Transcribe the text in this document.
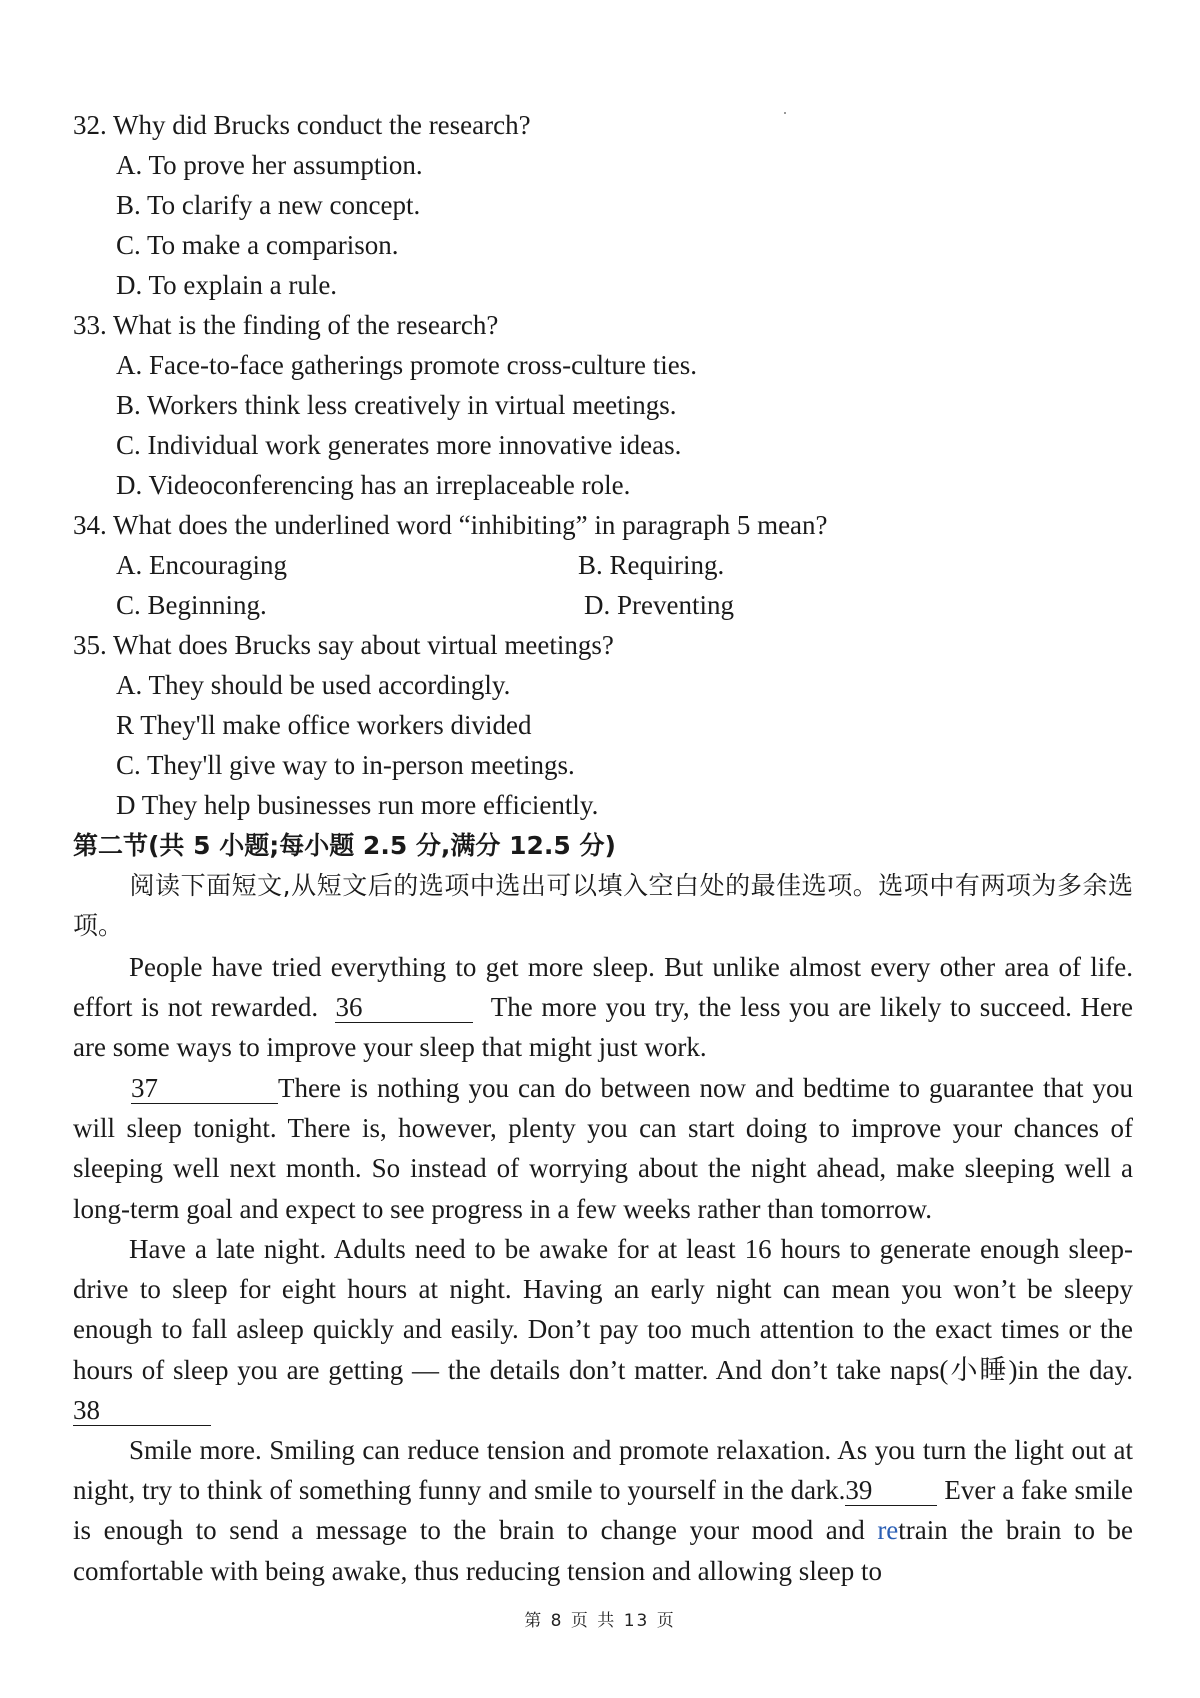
32. Why did Brucks conduct the research?
A. To prove her assumption.
B. To clarify a new concept.
C. To make a comparison.
D. To explain a rule.
33. What is the finding of the research?
A. Face-to-face gatherings promote cross-culture ties.
B. Workers think less creatively in virtual meetings.
C. Individual work generates more innovative ideas.
D. Videoconferencing has an irreplaceable role.
34. What does the underlined word “inhibiting” in paragraph 5 mean?
A. Encouraging	B. Requiring.
C. Beginning.	D. Preventing
35. What does Brucks say about virtual meetings?
A. They should be used accordingly.
R They'll make office workers divided
C. They'll give way to in-person meetings.
D They help businesses run more efficiently.
第二节(共 5 小题;每小题 2.5 分,满分 12.5 分)

阅读下面短文,从短文后的选项中选出可以填入空白处的最佳选项。选项中有两项为多余选项。

People have tried everything to get more sleep. But unlike almost every other area of life. effort is not rewarded. 36	The more you try, the less you are likely to succeed. Here are some ways to improve your sleep that might just work.

37	There is nothing you can do between now and bedtime to guarantee that you will sleep tonight. There is, however, plenty you can start doing to improve your chances of sleeping well next month. So instead of worrying about the night ahead, make sleeping well a long-term goal and expect to see progress in a few weeks rather than tomorrow.

Have a late night. Adults need to be awake for at least 16 hours to generate enough sleep-drive to sleep for eight hours at night. Having an early night can mean you won’t be sleepy enough to fall asleep quickly and easily. Don’t pay too much attention to the exact times or the hours of sleep you are getting — the details don’t matter. And don’t take naps(小睡)in the day.38

Smile more. Smiling can reduce tension and promote relaxation. As you turn the light out at night, try to think of something funny and smile to yourself in the dark.39	Ever a fake smile is enough to send a message to the brain to change your mood and retrain the brain to be comfortable with being awake, thus reducing tension and allowing sleep to

第 8 页 共 13 页
